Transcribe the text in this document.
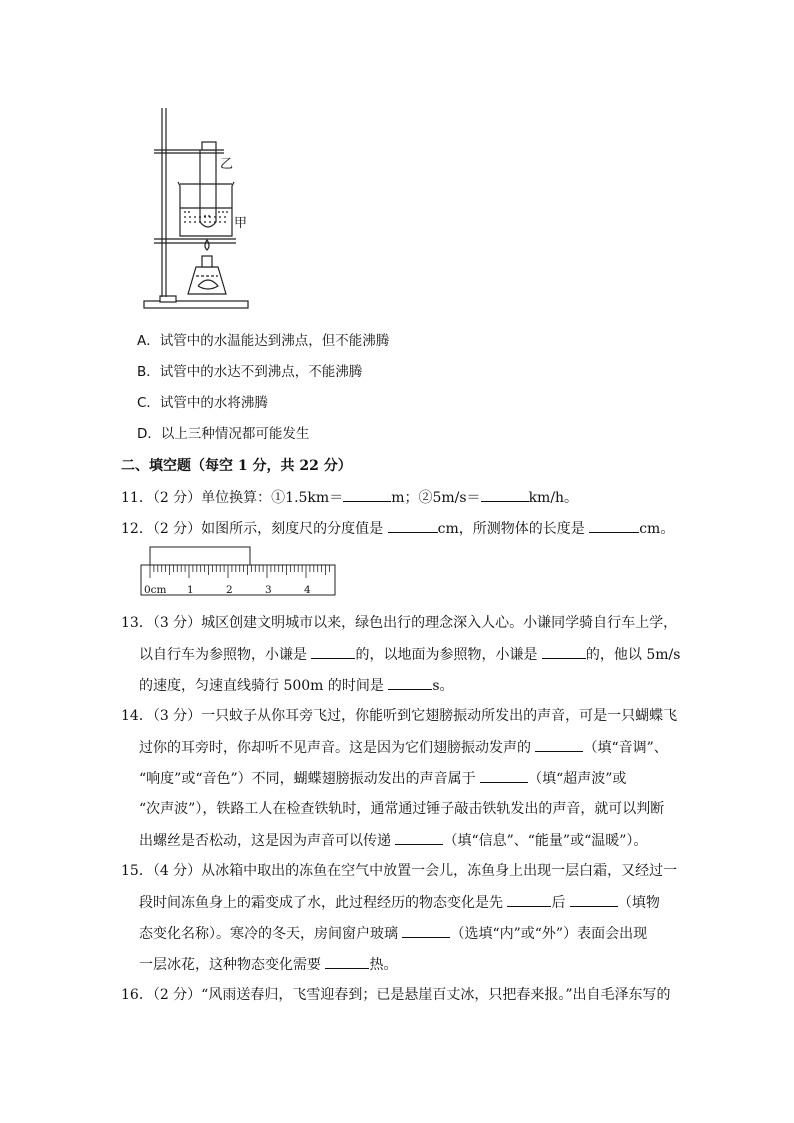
乙
甲
A．试管中的水温能达到沸点，但不能沸腾
B．试管中的水达不到沸点，不能沸腾
C．试管中的水将沸腾
D．以上三种情况都可能发生
二、填空题（每空 1 分，共 22 分）
11．（2 分）单位换算：①1.5km＝	m；②5m/s＝	km/h。
12．（2 分）如图所示，刻度尺的分度值是	cm，所测物体的长度是	cm。
0cm 1	2	3	4
13．（3 分）城区创建文明城市以来，绿色出行的理念深入人心。小谦同学骑自行车上学，
以自行车为参照物，小谦是	的，以地面为参照物，小谦是	的，他以 5m/s
的速度，匀速直线骑行 500m 的时间是	s。
14．（3 分）一只蚊子从你耳旁飞过，你能听到它翅膀振动所发出的声音，可是一只蝴蝶飞
过你的耳旁时，你却听不见声音。这是因为它们翅膀振动发声的	（填“音调”、
“响度”或“音色”）不同，蝴蝶翅膀振动发出的声音属于	（填“超声波”或
“次声波”），铁路工人在检查铁轨时，通常通过锤子敲击铁轨发出的声音，就可以判断
出螺丝是否松动，这是因为声音可以传递	（填“信息”、“能量”或“温暖”）。
15．（4 分）从冰箱中取出的冻鱼在空气中放置一会儿，冻鱼身上出现一层白霜，又经过一
段时间冻鱼身上的霜变成了水，此过程经历的物态变化是先	后	（填物
态变化名称）。寒冷的冬天，房间窗户玻璃	（选填“内”或“外”）表面会出现
一层冰花，这种物态变化需要	热。
16．（2 分）“风雨送春归，飞雪迎春到；已是悬崖百丈冰，只把春来报。”出自毛泽东写的
